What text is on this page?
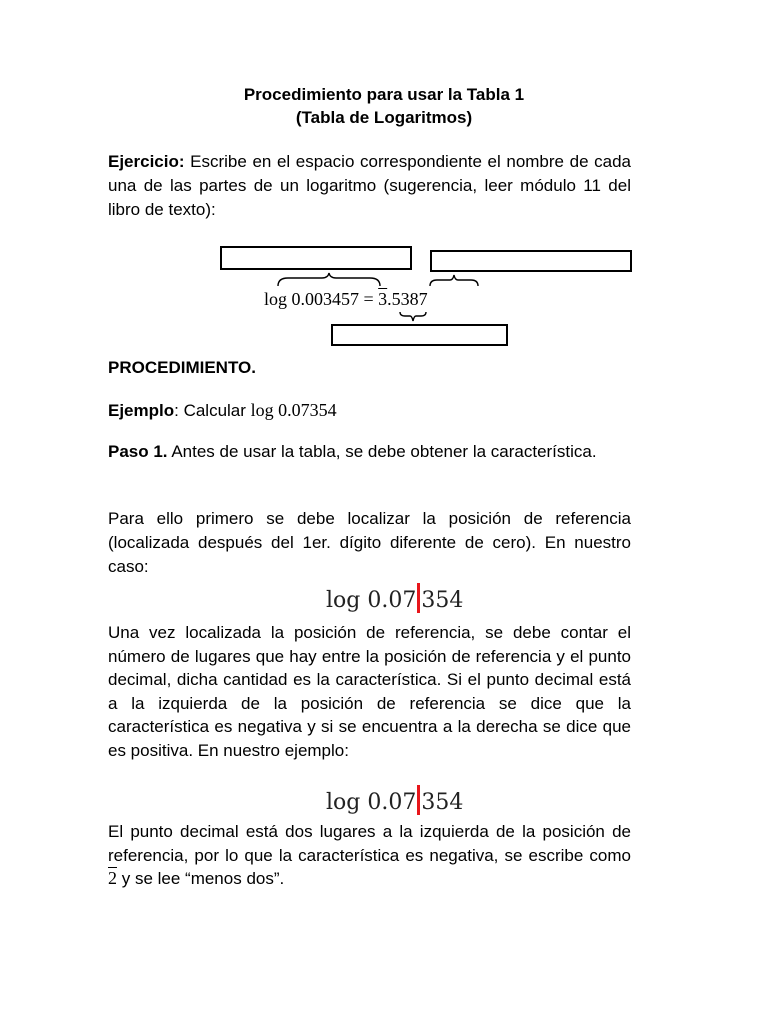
Procedimiento para usar la Tabla 1
(Tabla de Logaritmos)
Ejercicio: Escribe en el espacio correspondiente el nombre de cada una de las partes de un logaritmo (sugerencia, leer módulo 11 del libro de texto):
log 0.003457 = 3.5387
PROCEDIMIENTO.
Ejemplo: Calcular log 0.07354
Paso 1. Antes de usar la tabla, se debe obtener la característica.
Para ello primero se debe localizar la posición de referencia (localizada después del 1er. dígito diferente de cero). En nuestro caso:
log 0.07 354
Una vez localizada la posición de referencia, se debe contar el número de lugares que hay entre la posición de referencia y el punto decimal, dicha cantidad es la característica. Si el punto decimal está a la izquierda de la posición de referencia se dice que la característica es negativa y si se encuentra a la derecha se dice que es positiva. En nuestro ejemplo:
log 0.07 354
El punto decimal está dos lugares a la izquierda de la posición de referencia, por lo que la característica es negativa, se escribe como 2 y se lee “menos dos”.
